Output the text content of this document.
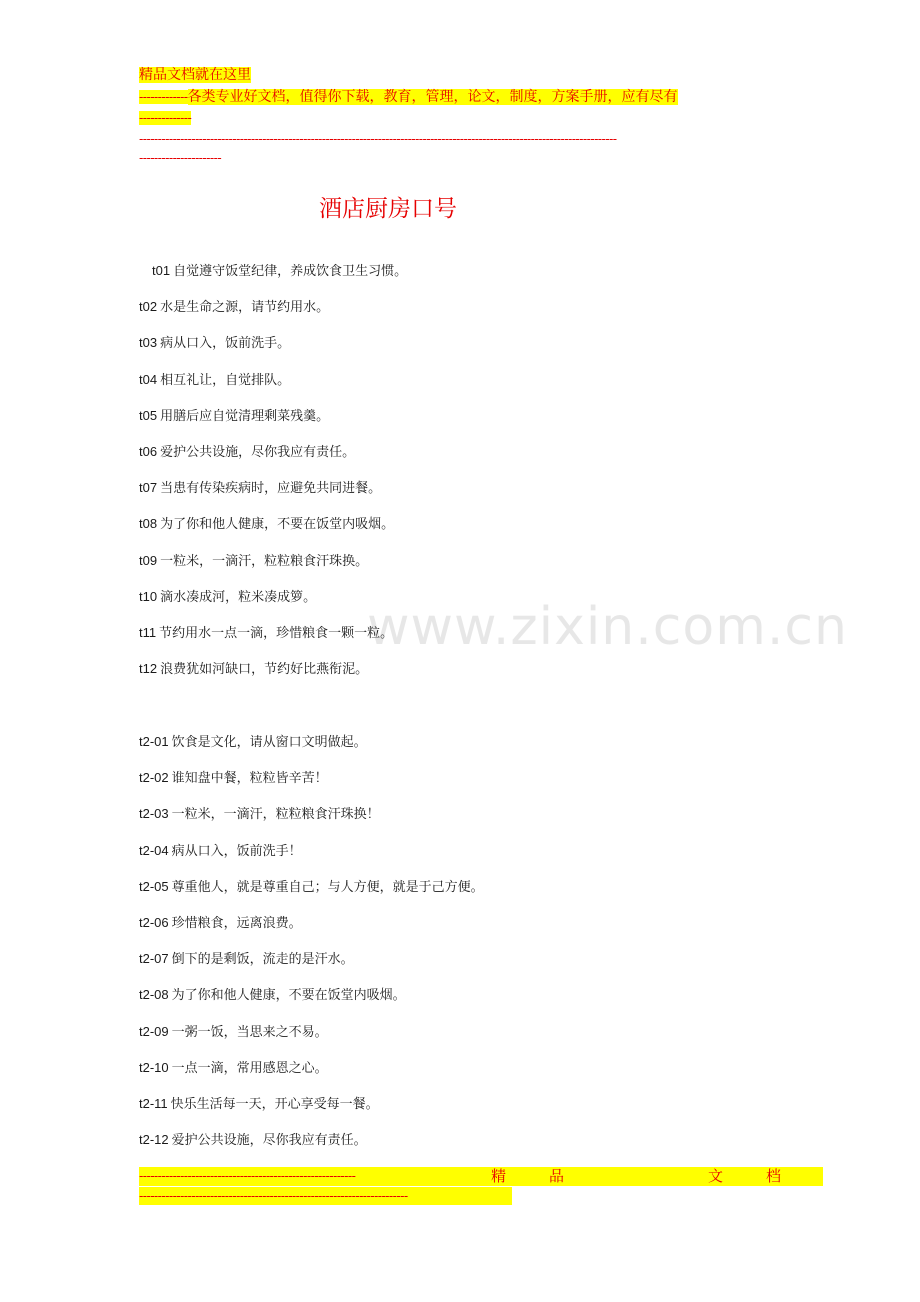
精品文档就在这里
-------------各类专业好文档，值得你下载，教育，管理，论文，制度，方案手册，应有尽有
--------------
--------------------------------------------------------------------------------------------------------------------------------
----------------------
酒店厨房口号
www.zixin.com.cn
t01 自觉遵守饭堂纪律，养成饮食卫生习惯。
t02 水是生命之源，请节约用水。
t03 病从口入，饭前洗手。
t04 相互礼让，自觉排队。
t05 用膳后应自觉清理剩菜残羹。
t06 爱护公共设施，尽你我应有责任。
t07 当患有传染疾病时，应避免共同进餐。
t08 为了你和他人健康，不要在饭堂内吸烟。
t09 一粒米，一滴汗，粒粒粮食汗珠换。
t10 滴水凑成河，粒米凑成箩。
t11 节约用水一点一滴，珍惜粮食一颗一粒。
t12 浪费犹如河缺口，节约好比燕衔泥。
t2-01 饮食是文化，请从窗口文明做起。
t2-02 谁知盘中餐，粒粒皆辛苦！
t2-03 一粒米，一滴汗，粒粒粮食汗珠换！
t2-04 病从口入，饭前洗手！
t2-05 尊重他人，就是尊重自己；与人方便，就是于己方便。
t2-06 珍惜粮食，远离浪费。
t2-07 倒下的是剩饭，流走的是汗水。
t2-08 为了你和他人健康，不要在饭堂内吸烟。
t2-09 一粥一饭，当思来之不易。
t2-10 一点一滴，常用感恩之心。
t2-11 快乐生活每一天，开心享受每一餐。
t2-12 爱护公共设施，尽你我应有责任。
----------------------------------------------------------	精	品	文	档
------------------------------------------------------------------------
